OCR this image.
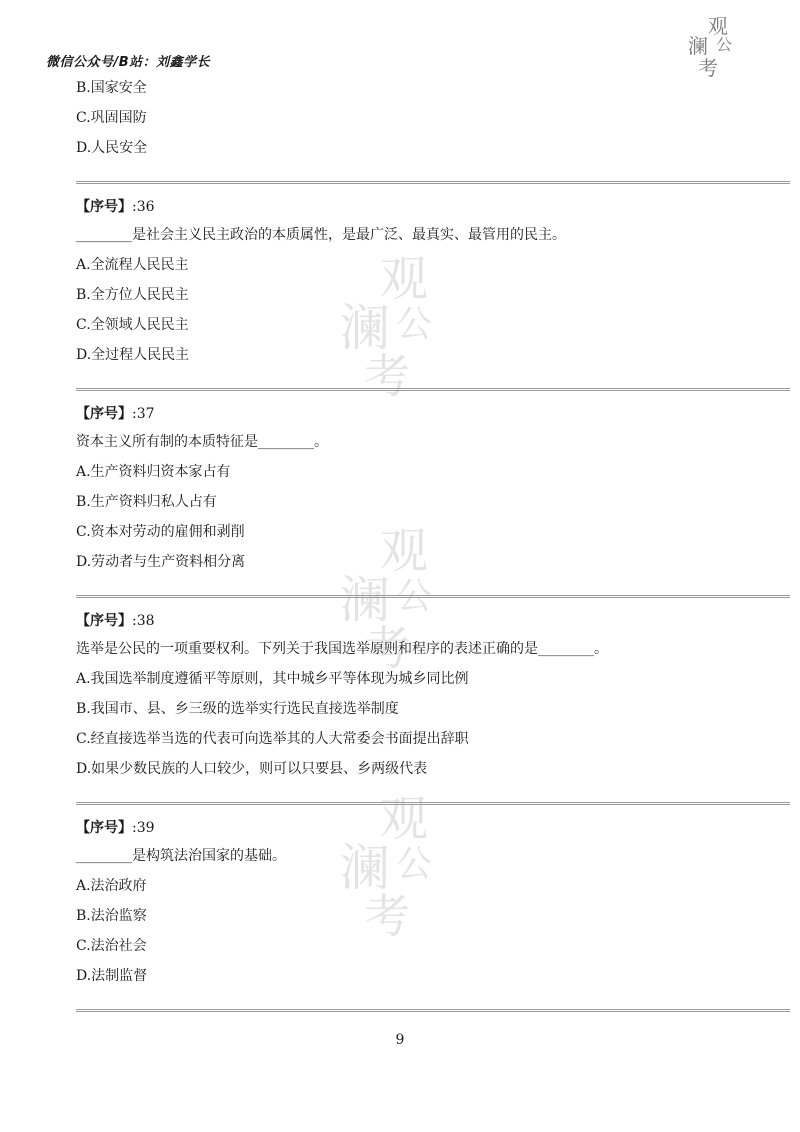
微信公众号/B站：刘鑫学长
观
澜 公
考
观
澜 公
考
观
澜 公
考
观
澜 公
考
B.国家安全
C.巩固国防
D.人民安全
【序号】:36
________是社会主义民主政治的本质属性，是最广泛、最真实、最管用的民主。
A.全流程人民民主
B.全方位人民民主
C.全领域人民民主
D.全过程人民民主
【序号】:37
资本主义所有制的本质特征是________。
A.生产资料归资本家占有
B.生产资料归私人占有
C.资本对劳动的雇佣和剥削
D.劳动者与生产资料相分离
【序号】:38
选举是公民的一项重要权利。下列关于我国选举原则和程序的表述正确的是________。
A.我国选举制度遵循平等原则，其中城乡平等体现为城乡同比例
B.我国市、县、乡三级的选举实行选民直接选举制度
C.经直接选举当选的代表可向选举其的人大常委会书面提出辞职
D.如果少数民族的人口较少，则可以只要县、乡两级代表
【序号】:39
________是构筑法治国家的基础。
A.法治政府
B.法治监察
C.法治社会
D.法制监督
9
